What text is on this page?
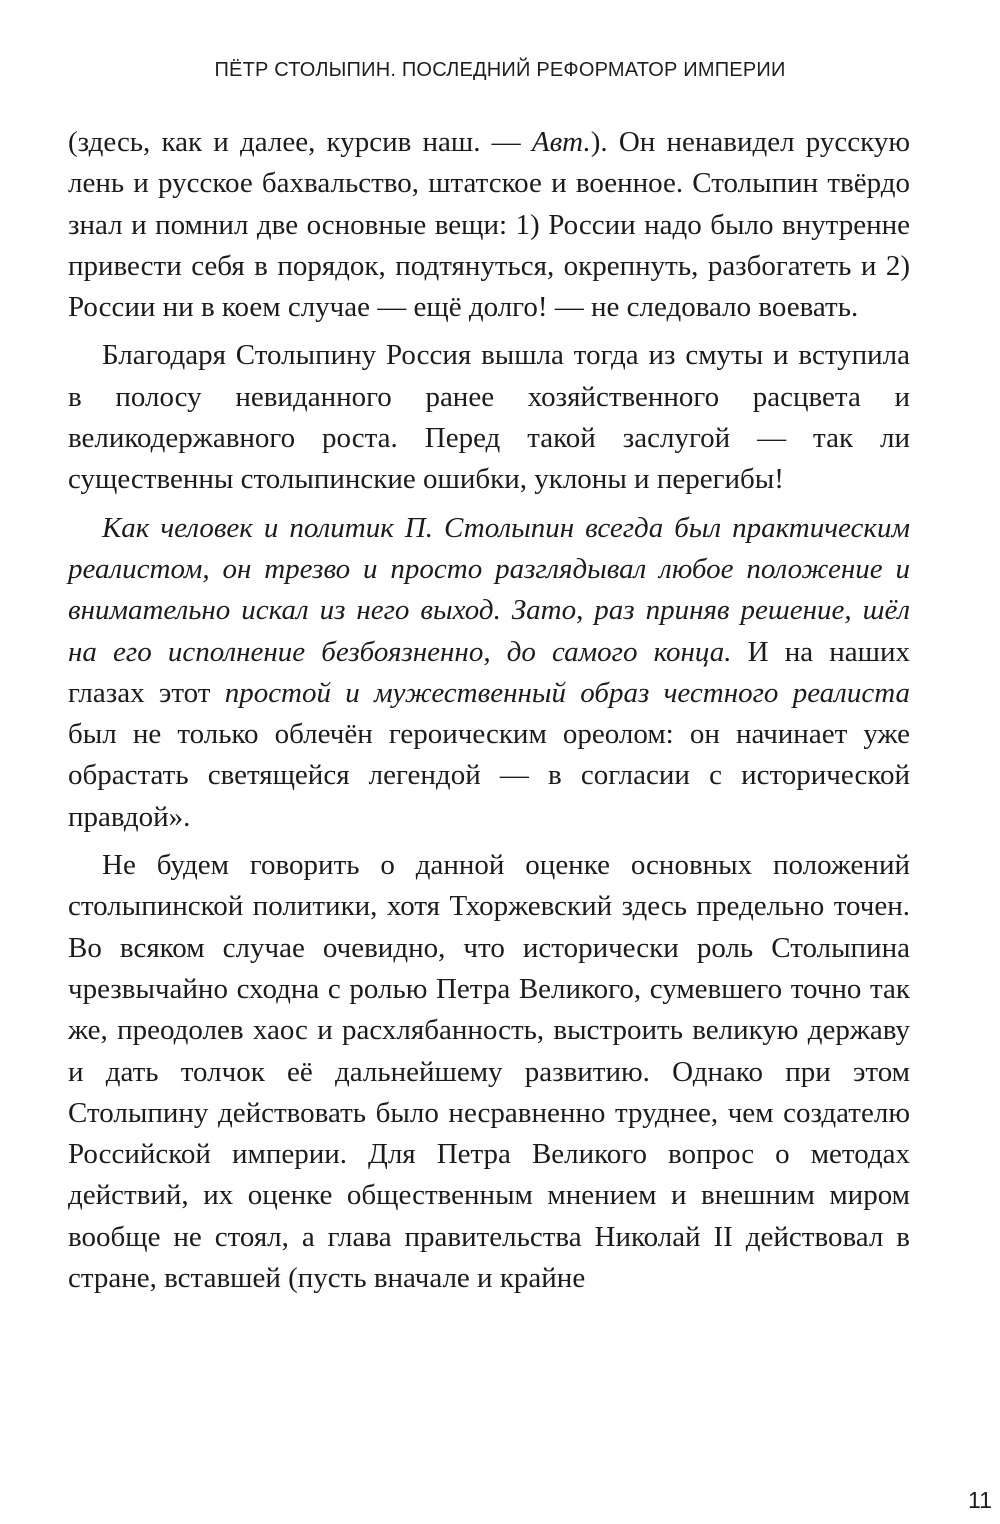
ПЁТР СТОЛЫПИН. ПОСЛЕДНИЙ РЕФОРМАТОР ИМПЕРИИ

(здесь, как и далее, курсив наш. — Авт.). Он ненавидел русскую лень и русское бахвальство, штатское и военное. Столыпин твёрдо знал и помнил две основные вещи: 1) России надо было внутренне привести себя в порядок, подтянуться, окрепнуть, разбогатеть и 2) России ни в коем случае — ещё долго! — не следовало воевать.

Благодаря Столыпину Россия вышла тогда из смуты и вступила в полосу невиданного ранее хозяйственного расцвета и великодержавного роста. Перед такой заслугой — так ли существенны столыпинские ошибки, уклоны и перегибы!

Как человек и политик П. Столыпин всегда был практическим реалистом, он трезво и просто разглядывал любое положение и внимательно искал из него выход. Зато, раз приняв решение, шёл на его исполнение безбоязненно, до самого конца. И на наших глазах этот простой и мужественный образ честного реалиста был не только облечён героическим ореолом: он начинает уже обрастать светящейся легендой — в согласии с исторической правдой».

Не будем говорить о данной оценке основных положений столыпинской политики, хотя Тхоржевский здесь предельно точен. Во всяком случае очевидно, что исторически роль Столыпина чрезвычайно сходна с ролью Петра Великого, сумевшего точно так же, преодолев хаос и расхлябанность, выстроить великую державу и дать толчок её дальнейшему развитию. Однако при этом Столыпину действовать было несравненно труднее, чем создателю Российской империи. Для Петра Великого вопрос о методах действий, их оценке общественным мнением и внешним миром вообще не стоял, а глава правительства Николай II действовал в стране, вставшей (пусть вначале и крайне

11
